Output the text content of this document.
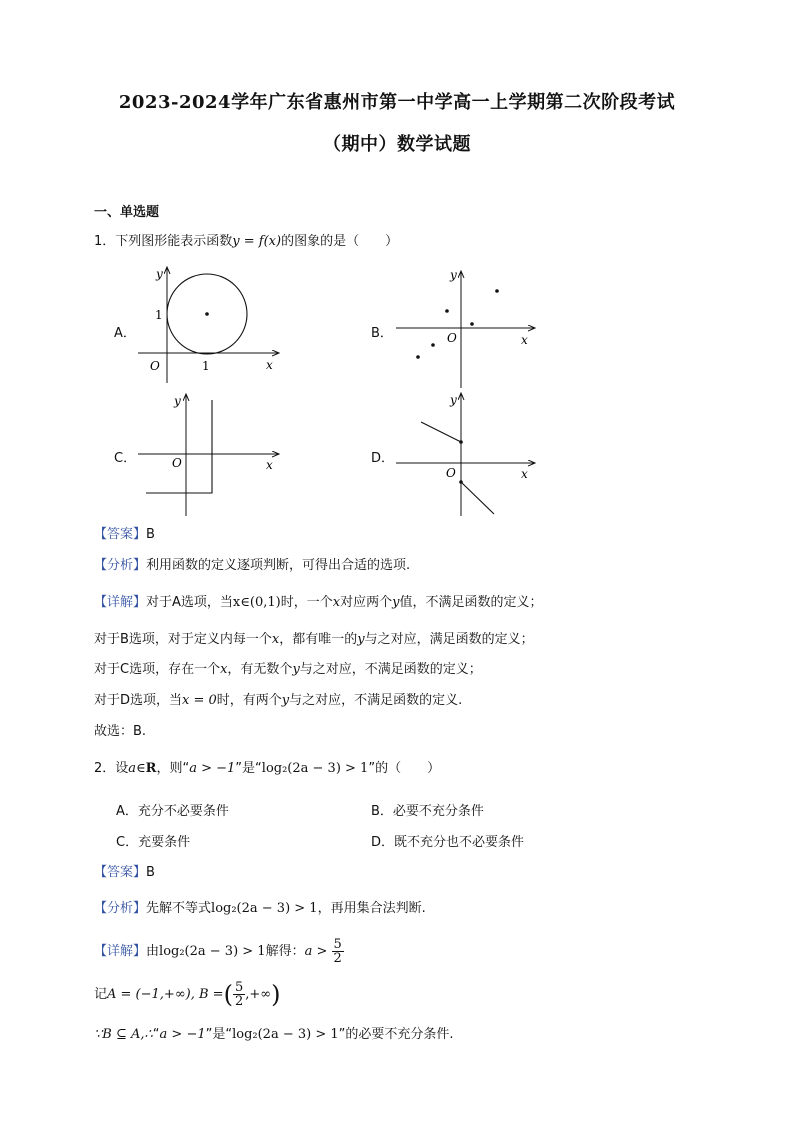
2023-2024学年广东省惠州市第一中学高一上学期第二次阶段考试
（期中）数学试题
一、单选题
1．下列图形能表示函数y = f(x)的图象的是（　　）
A．	B．
C．	D．
O	1
1
x
y
O	x
y
O	x
y
O	x
y
【答案】B
【分析】利用函数的定义逐项判断，可得出合适的选项.
【详解】对于A选项，当x∈(0,1)时，一个x对应两个y值，不满足函数的定义；
对于B选项，对于定义内每一个x，都有唯一的y与之对应，满足函数的定义；
对于C选项，存在一个x，有无数个y与之对应，不满足函数的定义；
对于D选项，当x = 0时，有两个y与之对应，不满足函数的定义.
故选：B.
2．设a∈R，则“a > −1”是“log₂(2a − 3) > 1”的（　　）
A．充分不必要条件	B．必要不充分条件
C．充要条件	D．既不充分也不必要条件
【答案】B
【分析】先解不等式log₂(2a − 3) > 1，再用集合法判断.
【详解】由log₂(2a − 3) > 1解得：$a > \frac{5}{2}$
记A = (−1,+∞), B =( $\frac{5}{2}$ ,+∞)
∵B ⊆ A,∴“a > −1”是“log₂(2a − 3) > 1”的必要不充分条件.
